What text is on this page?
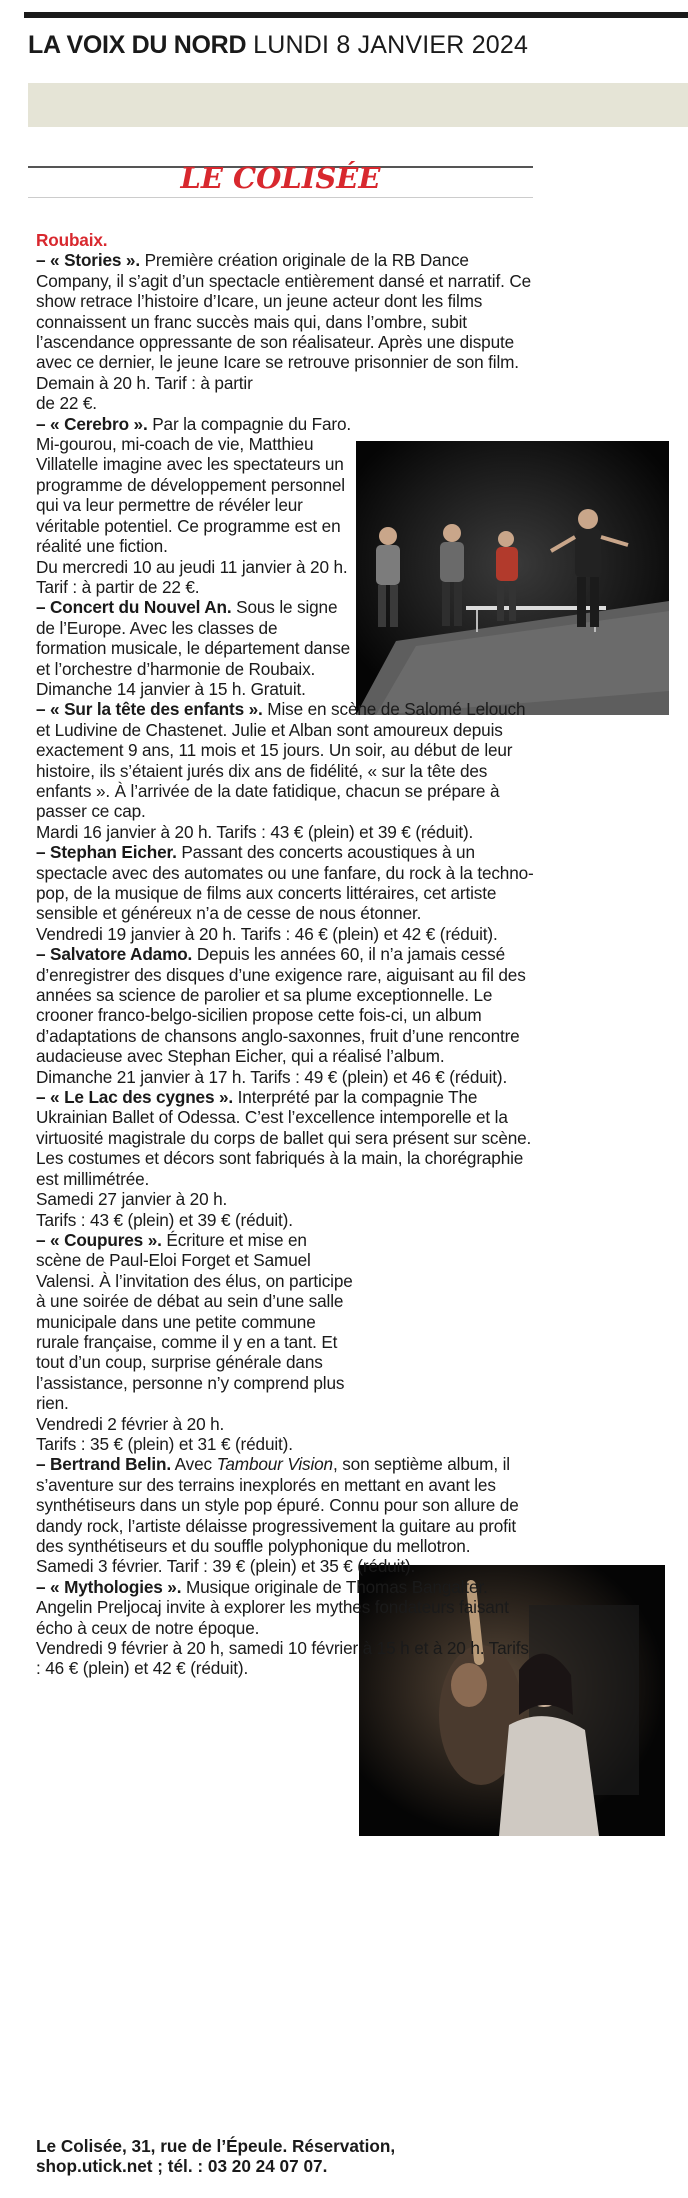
LA VOIX DU NORD LUNDI 8 JANVIER 2024
LE COLISÉE

Roubaix.

– « Stories ». Première création originale de la RB Dance Company, il s’agit d’un spectacle entièrement dansé et narratif. Ce show retrace l’histoire d’Icare, un jeune acteur dont les films connaissent un franc succès mais qui, dans l’ombre, subit l’ascendance oppressante de son réalisateur. Après une dispute avec ce dernier, le jeune Icare se retrouve prisonnier de son film.

Demain à 20 h. Tarif : à partir de 22 €.

– « Cerebro ». Par la compagnie du Faro. Mi-gourou, mi-coach de vie, Matthieu Villatelle imagine avec les spectateurs un programme de développement personnel qui va leur permettre de révéler leur véritable potentiel. Ce programme est en réalité une fiction.

Du mercredi 10 au jeudi 11 janvier à 20 h. Tarif : à partir de 22 €.

– Concert du Nouvel An. Sous le signe de l’Europe. Avec les classes de formation musicale, le département danse et l’orchestre d’harmonie de Roubaix.

Dimanche 14 janvier à 15 h. Gratuit.

– « Sur la tête des enfants ». Mise en scène de Salomé Lelouch et Ludivine de Chastenet. Julie et Alban sont amoureux depuis exactement 9 ans, 11 mois et 15 jours. Un soir, au début de leur histoire, ils s’étaient jurés dix ans de fidélité, « sur la tête des enfants ». À l’arrivée de la date fatidique, chacun se prépare à passer ce cap.

Mardi 16 janvier à 20 h. Tarifs : 43 € (plein) et 39 € (réduit).

– Stephan Eicher. Passant des concerts acoustiques à un spectacle avec des automates ou une fanfare, du rock à la techno-pop, de la musique de films aux concerts littéraires, cet artiste sensible et généreux n’a de cesse de nous étonner.

Vendredi 19 janvier à 20 h. Tarifs : 46 € (plein) et 42 € (réduit).

– Salvatore Adamo. Depuis les années 60, il n’a jamais cessé d’enregistrer des disques d’une exigence rare, aiguisant au fil des années sa science de parolier et sa plume exceptionnelle. Le crooner franco-belgo-sicilien propose cette fois-ci, un album d’adaptations de chansons anglo-saxonnes, fruit d’une rencontre audacieuse avec Stephan Eicher, qui a réalisé l’album.

Dimanche 21 janvier à 17 h. Tarifs : 49 € (plein) et 46 € (réduit).

– « Le Lac des cygnes ». Interprété par la compagnie The Ukrainian Ballet of Odessa. C’est l’excellence intemporelle et la virtuosité magistrale du corps de ballet qui sera présent sur scène. Les costumes et décors sont fabriqués à la main, la chorégraphie est millimétrée.

Samedi 27 janvier à 20 h.

Tarifs : 43 € (plein) et 39 € (réduit).

– « Coupures ». Écriture et mise en scène de Paul-Eloi Forget et Samuel Valensi. À l’invitation des élus, on participe à une soirée de débat au sein d’une salle municipale dans une petite commune rurale française, comme il y en a tant. Et tout d’un coup, surprise générale dans l’assistance, personne n’y comprend plus rien.

Vendredi 2 février à 20 h.

Tarifs : 35 € (plein) et 31 € (réduit).

– Bertrand Belin. Avec Tambour Vision, son septième album, il s’aventure sur des terrains inexplorés en mettant en avant les synthétiseurs dans un style pop épuré. Connu pour son allure de dandy rock, l’artiste délaisse progressivement la guitare au profit des synthétiseurs et du souffle polyphonique du mellotron.

Samedi 3 février. Tarif : 39 € (plein) et 35 € (réduit).

– « Mythologies ». Musique originale de Thomas Bangalter. Angelin Preljocaj invite à explorer les mythes fondateurs faisant écho à ceux de notre époque.

Vendredi 9 février à 20 h, samedi 10 février à 15 h et à 20 h. Tarifs : 46 € (plein) et 42 € (réduit).

Le Colisée, 31, rue de l’Épeule. Réservation, shop.utick.net ; tél. : 03 20 24 07 07.
